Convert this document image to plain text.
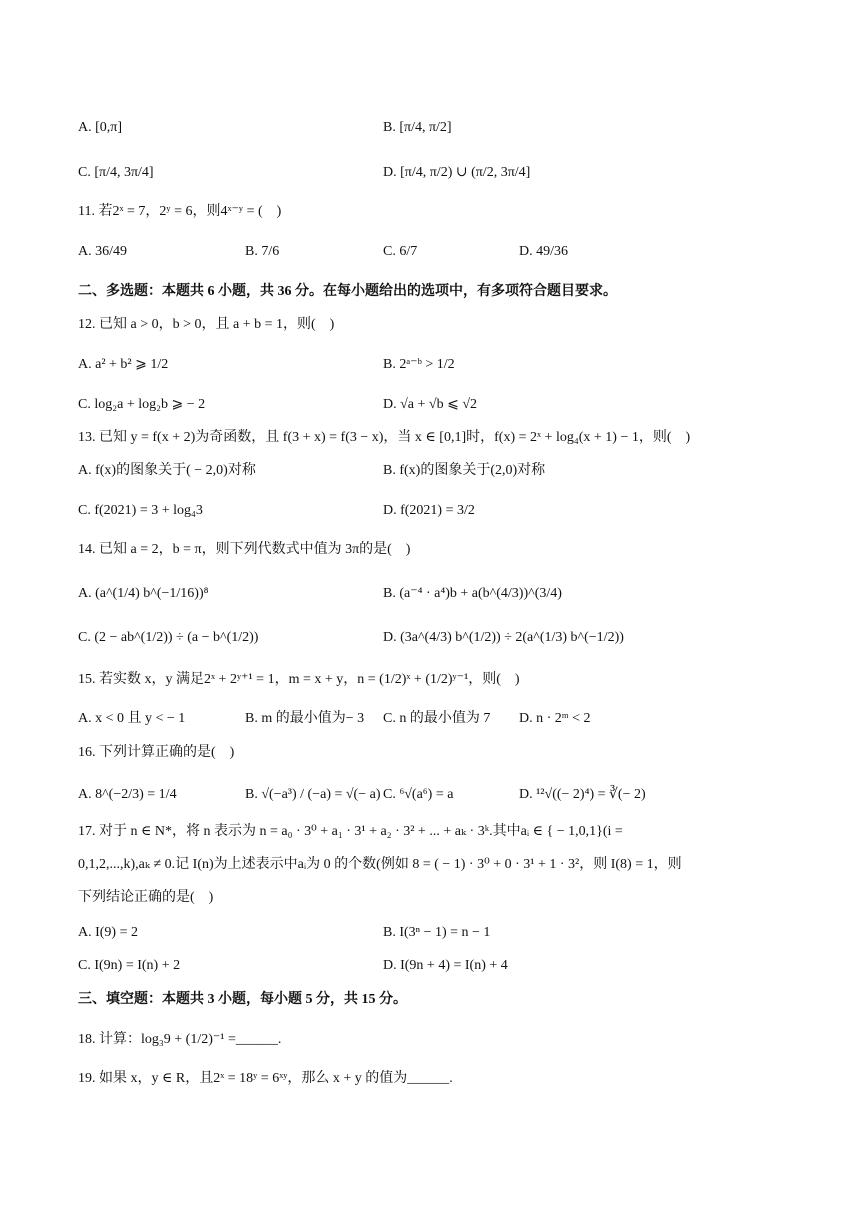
A. [0,π]	B. [π/4, π/2]
C. [π/4, 3π/4]	D. [π/4, π/2) ∪ (π/2, 3π/4]
11. 若2ˣ = 7，2ʸ = 6，则4ˣ⁻ʸ = (　)
A. 36/49	B. 7/6	C. 6/7	D. 49/36
二、多选题：本题共 6 小题，共 36 分。在每小题给出的选项中，有多项符合题目要求。
12. 已知 a > 0，b > 0，且 a + b = 1，则(　)
A. a² + b² ⩾ 1/2	B. 2ᵃ⁻ᵇ > 1/2
C. log₂a + log₂b ⩾ − 2	D. √a + √b ⩽ √2
13. 已知 y = f(x + 2)为奇函数，且 f(3 + x) = f(3 − x)，当 x ∈ [0,1]时，f(x) = 2ˣ + log₄(x + 1) − 1，则(　)
A. f(x)的图象关于( − 2,0)对称	B. f(x)的图象关于(2,0)对称
C. f(2021) = 3 + log₄3	D. f(2021) = 3/2
14. 已知 a = 2，b = π，则下列代数式中值为 3π的是(　)
A. (a^(1/4) b^(−1/16))⁸	B. (a⁻⁴ · a⁴)b + a(b^(4/3))^(3/4)
C. (2 − ab^(1/2)) ÷ (a − b^(1/2))	D. (3a^(4/3) b^(1/2)) ÷ 2(a^(1/3) b^(−1/2))
15. 若实数 x，y 满足2ˣ + 2ʸ⁺¹ = 1，m = x + y，n = (1/2)ˣ + (1/2)ʸ⁻¹，则(　)
A. x < 0 且 y < − 1	B. m 的最小值为− 3 C. n 的最小值为 7 D. n · 2ᵐ < 2
16. 下列计算正确的是(　)
A. 8^(−2/3) = 1/4	B. √(−a³) / (−a) = √(− a) C. ⁶√(a⁶) = a	D. ¹²√((− 2)⁴) = ∛(− 2)
17. 对于 n ∈ N*，将 n 表示为 n = a₀ · 3⁰ + a₁ · 3¹ + a₂ · 3² + ... + aₖ · 3ᵏ.其中aᵢ ∈ { − 1,0,1}(i =
0,1,2,...,k),aₖ ≠ 0.记 I(n)为上述表示中aᵢ为 0 的个数(例如 8 = ( − 1) · 3⁰ + 0 · 3¹ + 1 · 3²，则 I(8) = 1，则
下列结论正确的是(　)
A. I(9) = 2	B. I(3ⁿ − 1) = n − 1
C. I(9n) = I(n) + 2	D. I(9n + 4) = I(n) + 4
三、填空题：本题共 3 小题，每小题 5 分，共 15 分。
18. 计算：log₃9 + (1/2)⁻¹ =______.
19. 如果 x，y ∈ R，且2ˣ = 18ʸ = 6ˣʸ，那么 x + y 的值为______.
